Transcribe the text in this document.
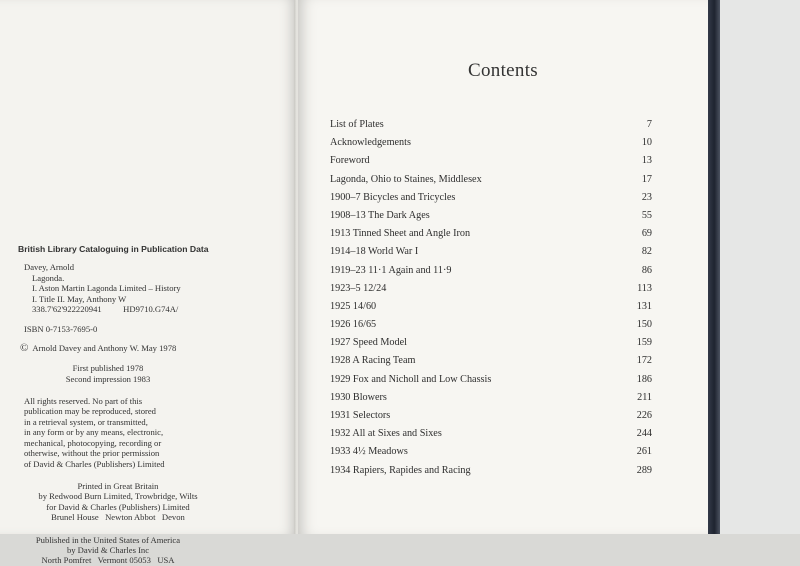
British Library Cataloguing in Publication Data
Davey, Arnold
Lagonda.
I. Aston Martin Lagonda Limited – History
I. Title II. May, Anthony W
338.7'62'922220941          HD9710.G74A/
ISBN 0-7153-7695-0
© Arnold Davey and Anthony W. May 1978
First published 1978
Second impression 1983
All rights reserved. No part of this
publication may be reproduced, stored
in a retrieval system, or transmitted,
in any form or by any means, electronic,
mechanical, photocopying, recording or
otherwise, without the prior permission
of David & Charles (Publishers) Limited
Printed in Great Britain
by Redwood Burn Limited, Trowbridge, Wilts
for David & Charles (Publishers) Limited
Brunel House   Newton Abbot   Devon
Published in the United States of America
by David & Charles Inc
North Pomfret   Vermont 05053   USA
Contents
List of Plates	7
Acknowledgements	10
Foreword	13
Lagonda, Ohio to Staines, Middlesex	17
1900–7 Bicycles and Tricycles	23
1908–13 The Dark Ages	55
1913 Tinned Sheet and Angle Iron	69
1914–18 World War I	82
1919–23 11·1 Again and 11·9	86
1923–5 12/24	113
1925 14/60	131
1926 16/65	150
1927 Speed Model	159
1928 A Racing Team	172
1929 Fox and Nicholl and Low Chassis	186
1930 Blowers	211
1931 Selectors	226
1932 All at Sixes and Sixes	244
1933 4½ Meadows	261
1934 Rapiers, Rapides and Racing	289
